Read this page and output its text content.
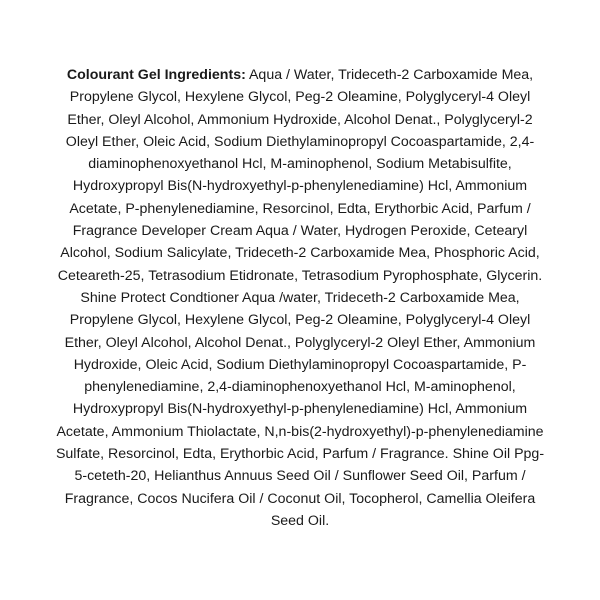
Colourant Gel Ingredients: Aqua / Water, Trideceth-2 Carboxamide Mea, Propylene Glycol, Hexylene Glycol, Peg-2 Oleamine, Polyglyceryl-4 Oleyl Ether, Oleyl Alcohol, Ammonium Hydroxide, Alcohol Denat., Polyglyceryl-2 Oleyl Ether, Oleic Acid, Sodium Diethylaminopropyl Cocoaspartamide, 2,4-diaminophenoxyethanol Hcl, M-aminophenol, Sodium Metabisulfite, Hydroxypropyl Bis(N-hydroxyethyl-p-phenylenediamine) Hcl, Ammonium Acetate, P-phenylenediamine, Resorcinol, Edta, Erythorbic Acid, Parfum / Fragrance Developer Cream Aqua / Water, Hydrogen Peroxide, Cetearyl Alcohol, Sodium Salicylate, Trideceth-2 Carboxamide Mea, Phosphoric Acid, Ceteareth-25, Tetrasodium Etidronate, Tetrasodium Pyrophosphate, Glycerin. Shine Protect Condtioner Aqua /water, Trideceth-2 Carboxamide Mea, Propylene Glycol, Hexylene Glycol, Peg-2 Oleamine, Polyglyceryl-4 Oleyl Ether, Oleyl Alcohol, Alcohol Denat., Polyglyceryl-2 Oleyl Ether, Ammonium Hydroxide, Oleic Acid, Sodium Diethylaminopropyl Cocoaspartamide, P-phenylenediamine, 2,4-diaminophenoxyethanol Hcl, M-aminophenol, Hydroxypropyl Bis(N-hydroxyethyl-p-phenylenediamine) Hcl, Ammonium Acetate, Ammonium Thiolactate, N,n-bis(2-hydroxyethyl)-p-phenylenediamine Sulfate, Resorcinol, Edta, Erythorbic Acid, Parfum / Fragrance. Shine Oil Ppg-5-ceteth-20, Helianthus Annuus Seed Oil / Sunflower Seed Oil, Parfum / Fragrance, Cocos Nucifera Oil / Coconut Oil, Tocopherol, Camellia Oleifera Seed Oil.
